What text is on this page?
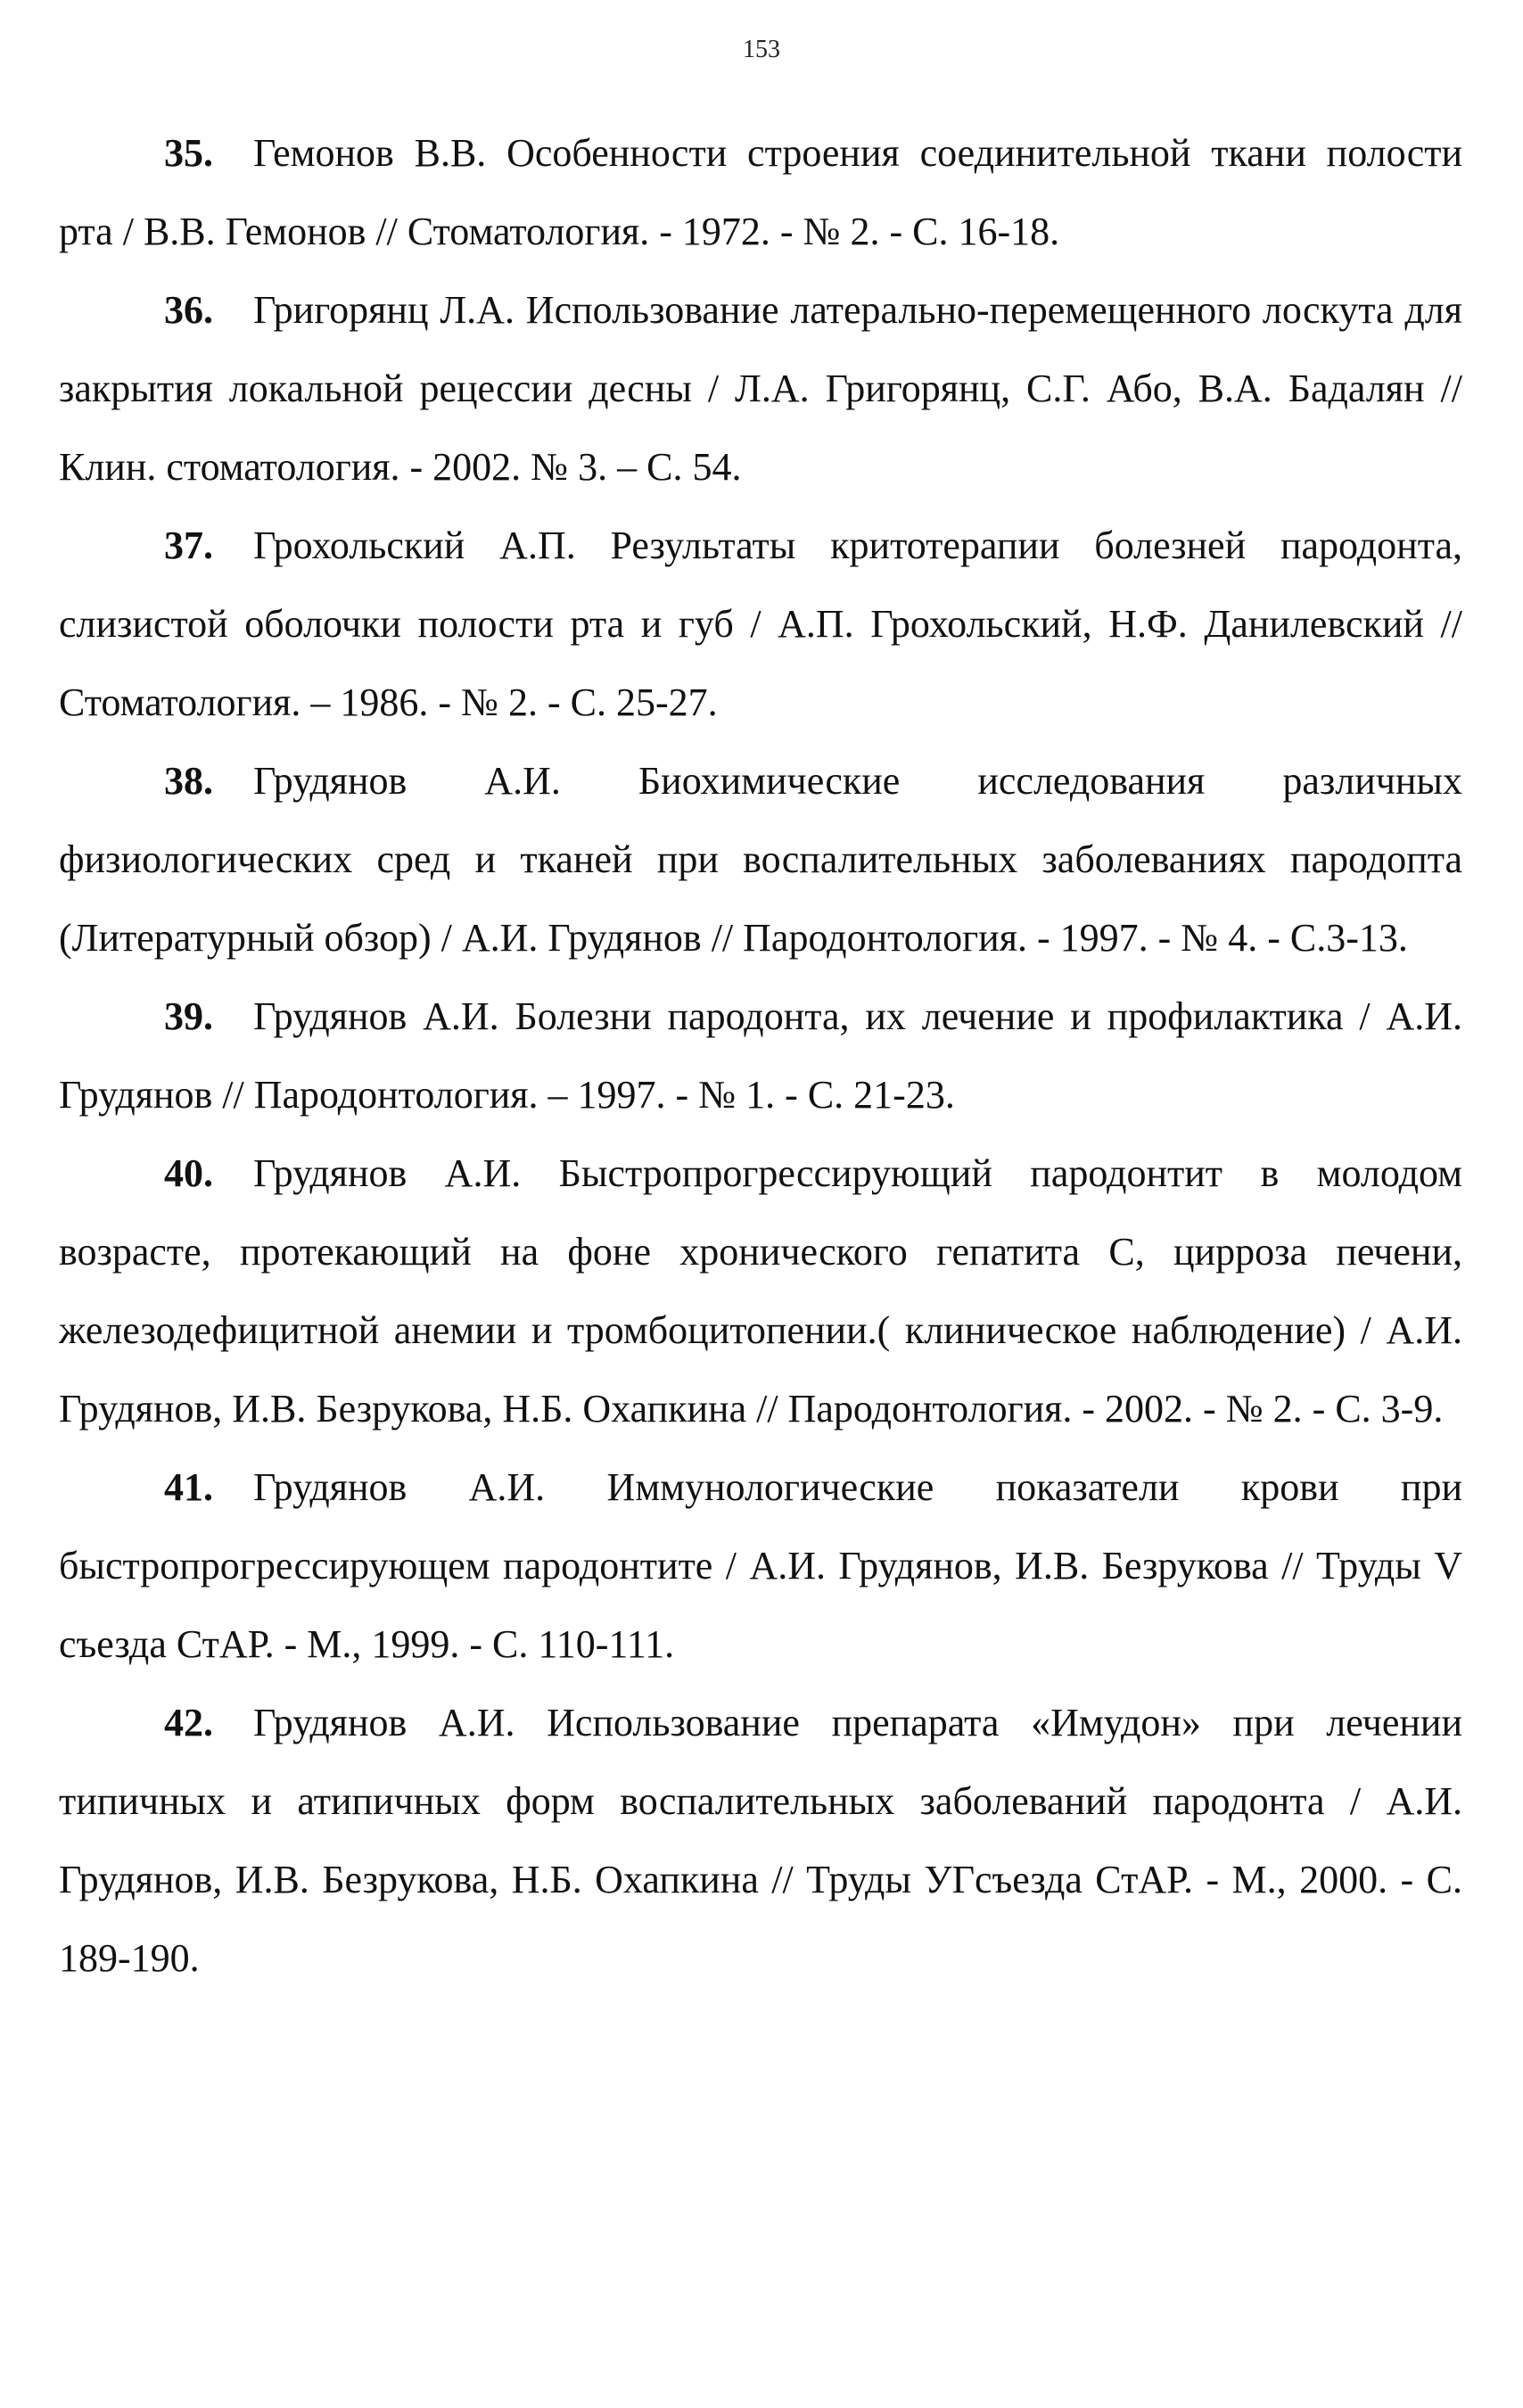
153

35. Гемонов В.В. Особенности строения соединительной ткани полости рта / В.В. Гемонов // Стоматология. - 1972. - № 2. - С. 16-18.

36. Григорянц Л.А. Использование латерально-перемещенного лоскута для закрытия локальной рецессии десны / Л.А. Григорянц, С.Г. Або, В.А. Бадалян // Клин. стоматология. - 2002. № 3. – С. 54.

37. Грохольский А.П. Результаты критотерапии болезней пародонта, слизистой оболочки полости рта и губ / А.П. Грохольский, Н.Ф. Данилевский // Стоматология. – 1986. - № 2. - С. 25-27.

38. Грудянов А.И. Биохимические исследования различных физиологических сред и тканей при воспалительных заболеваниях пародопта (Литературный обзор) / А.И. Грудянов // Пародонтология. - 1997. - № 4. - С.3-13.

39. Грудянов А.И. Болезни пародонта, их лечение и профилактика / А.И. Грудянов // Пародонтология. – 1997. - № 1. - С. 21-23.

40. Грудянов А.И. Быстропрогрессирующий пародонтит в молодом возрасте, протекающий на фоне хронического гепатита С, цирроза печени, железодефицитной анемии и тромбоцитопении.( клиническое наблюдение) / А.И. Грудянов, И.В. Безрукова, Н.Б. Охапкина // Пародонтология. - 2002. - № 2. - С. 3-9.

41. Грудянов А.И. Иммунологические показатели крови при быстропрогрессирующем пародонтите / А.И. Грудянов, И.В. Безрукова // Труды V съезда СтАР. - М., 1999. - С. 110-111.

42. Грудянов А.И. Использование препарата «Имудон» при лечении типичных и атипичных форм воспалительных заболеваний пародонта / А.И. Грудянов, И.В. Безрукова, Н.Б. Охапкина // Труды УГсъезда СтАР. - М., 2000. - С. 189-190.
